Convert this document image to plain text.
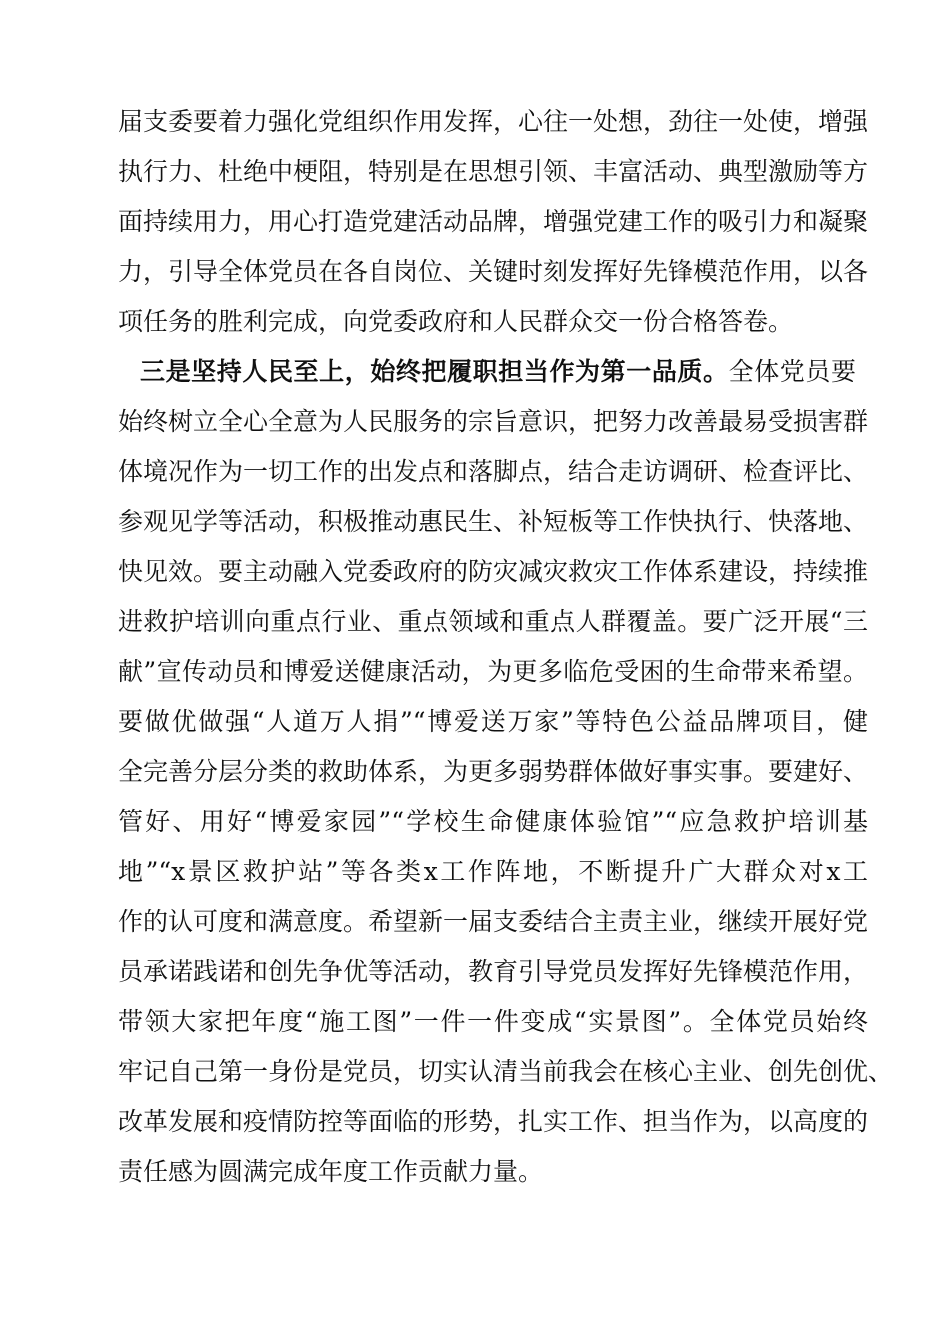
届支委要着力强化党组织作用发挥，心往一处想，劲往一处使，增强
执行力、杜绝中梗阻，特别是在思想引领、丰富活动、典型激励等方
面持续用力，用心打造党建活动品牌，增强党建工作的吸引力和凝聚
力，引导全体党员在各自岗位、关键时刻发挥好先锋模范作用，以各
项任务的胜利完成，向党委政府和人民群众交一份合格答卷。
三是坚持人民至上，始终把履职担当作为第一品质。全体党员要
始终树立全心全意为人民服务的宗旨意识，把努力改善最易受损害群
体境况作为一切工作的出发点和落脚点，结合走访调研、检查评比、
参观见学等活动，积极推动惠民生、补短板等工作快执行、快落地、
快见效。要主动融入党委政府的防灾减灾救灾工作体系建设，持续推
进救护培训向重点行业、重点领域和重点人群覆盖。要广泛开展“三
献”宣传动员和博爱送健康活动，为更多临危受困的生命带来希望。
要做优做强“人道万人捐”“博爱送万家”等特色公益品牌项目，健
全完善分层分类的救助体系，为更多弱势群体做好事实事。要建好、
管好、用好“博爱家园”“学校生命健康体验馆”“应急救护培训基
地”“x景区救护站”等各类x工作阵地，不断提升广大群众对x工
作的认可度和满意度。希望新一届支委结合主责主业，继续开展好党
员承诺践诺和创先争优等活动，教育引导党员发挥好先锋模范作用，
带领大家把年度“施工图”一件一件变成“实景图”。全体党员始终
牢记自己第一身份是党员，切实认清当前我会在核心主业、创先创优、
改革发展和疫情防控等面临的形势，扎实工作、担当作为，以高度的
责任感为圆满完成年度工作贡献力量。
